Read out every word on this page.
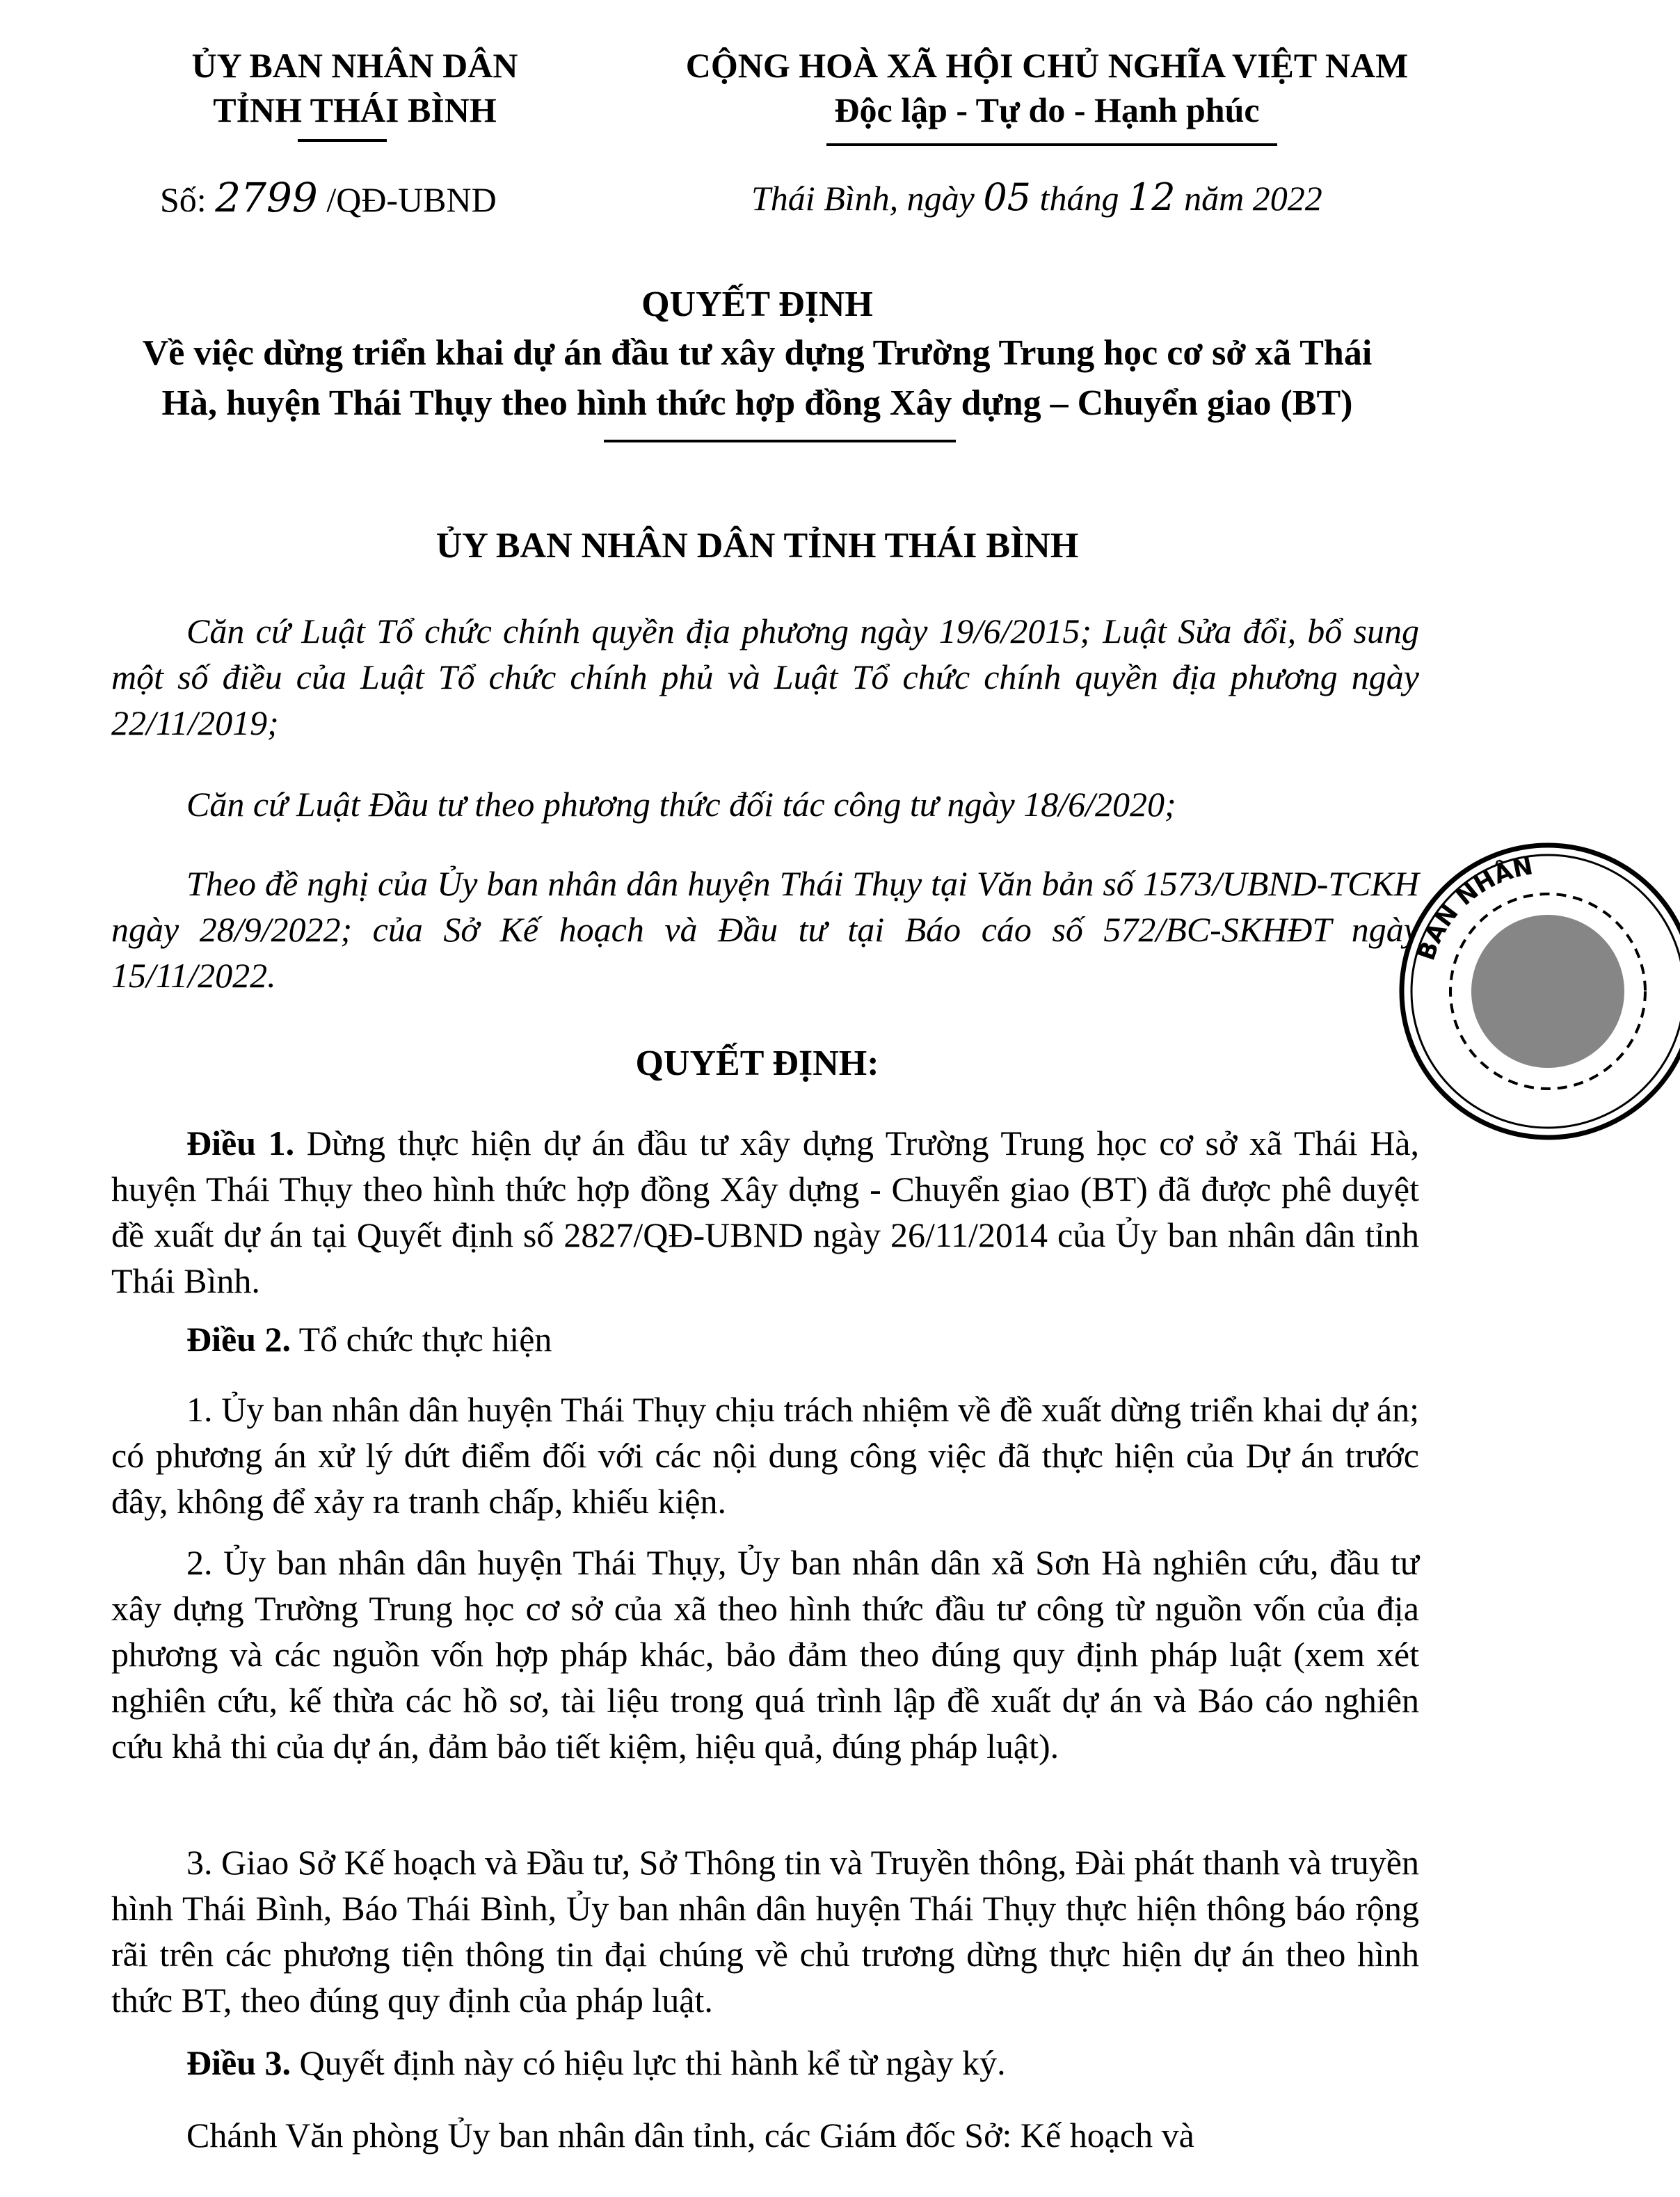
ỦY BAN NHÂN DÂN
TỈNH THÁI BÌNH
CỘNG HOÀ XÃ HỘI CHỦ NGHĨA VIỆT NAM
Độc lập - Tự do - Hạnh phúc
Số: 2799 /QĐ-UBND	Thái Bình, ngày 05 tháng 12 năm 2022
QUYẾT ĐỊNH
Về việc dừng triển khai dự án đầu tư xây dựng Trường Trung học cơ sở xã Thái
Hà, huyện Thái Thụy theo hình thức hợp đồng Xây dựng – Chuyển giao (BT)
ỦY BAN NHÂN DÂN TỈNH THÁI BÌNH
Căn cứ Luật Tổ chức chính quyền địa phương ngày 19/6/2015; Luật Sửa đổi, bổ sung một số điều của Luật Tổ chức chính phủ và Luật Tổ chức chính quyền địa phương ngày 22/11/2019;
Căn cứ Luật Đầu tư theo phương thức đối tác công tư ngày 18/6/2020;
Theo đề nghị của Ủy ban nhân dân huyện Thái Thụy tại Văn bản số 1573/UBND-TCKH ngày 28/9/2022; của Sở Kế hoạch và Đầu tư tại Báo cáo số 572/BC-SKHĐT ngày 15/11/2022.
QUYẾT ĐỊNH:
Điều 1. Dừng thực hiện dự án đầu tư xây dựng Trường Trung học cơ sở xã Thái Hà, huyện Thái Thụy theo hình thức hợp đồng Xây dựng - Chuyển giao (BT) đã được phê duyệt đề xuất dự án tại Quyết định số 2827/QĐ-UBND ngày 26/11/2014 của Ủy ban nhân dân tỉnh Thái Bình.
Điều 2. Tổ chức thực hiện
1. Ủy ban nhân dân huyện Thái Thụy chịu trách nhiệm về đề xuất dừng triển khai dự án; có phương án xử lý dứt điểm đối với các nội dung công việc đã thực hiện của Dự án trước đây, không để xảy ra tranh chấp, khiếu kiện.
2. Ủy ban nhân dân huyện Thái Thụy, Ủy ban nhân dân xã Sơn Hà nghiên cứu, đầu tư xây dựng Trường Trung học cơ sở của xã theo hình thức đầu tư công từ nguồn vốn của địa phương và các nguồn vốn hợp pháp khác, bảo đảm theo đúng quy định pháp luật (xem xét nghiên cứu, kế thừa các hồ sơ, tài liệu trong quá trình lập đề xuất dự án và Báo cáo nghiên cứu khả thi của dự án, đảm bảo tiết kiệm, hiệu quả, đúng pháp luật).
3. Giao Sở Kế hoạch và Đầu tư, Sở Thông tin và Truyền thông, Đài phát thanh và truyền hình Thái Bình, Báo Thái Bình, Ủy ban nhân dân huyện Thái Thụy thực hiện thông báo rộng rãi trên các phương tiện thông tin đại chúng về chủ trương dừng thực hiện dự án theo hình thức BT, theo đúng quy định của pháp luật.
Điều 3. Quyết định này có hiệu lực thi hành kể từ ngày ký.
Chánh Văn phòng Ủy ban nhân dân tỉnh, các Giám đốc Sở: Kế hoạch và
BAN NHÂN
